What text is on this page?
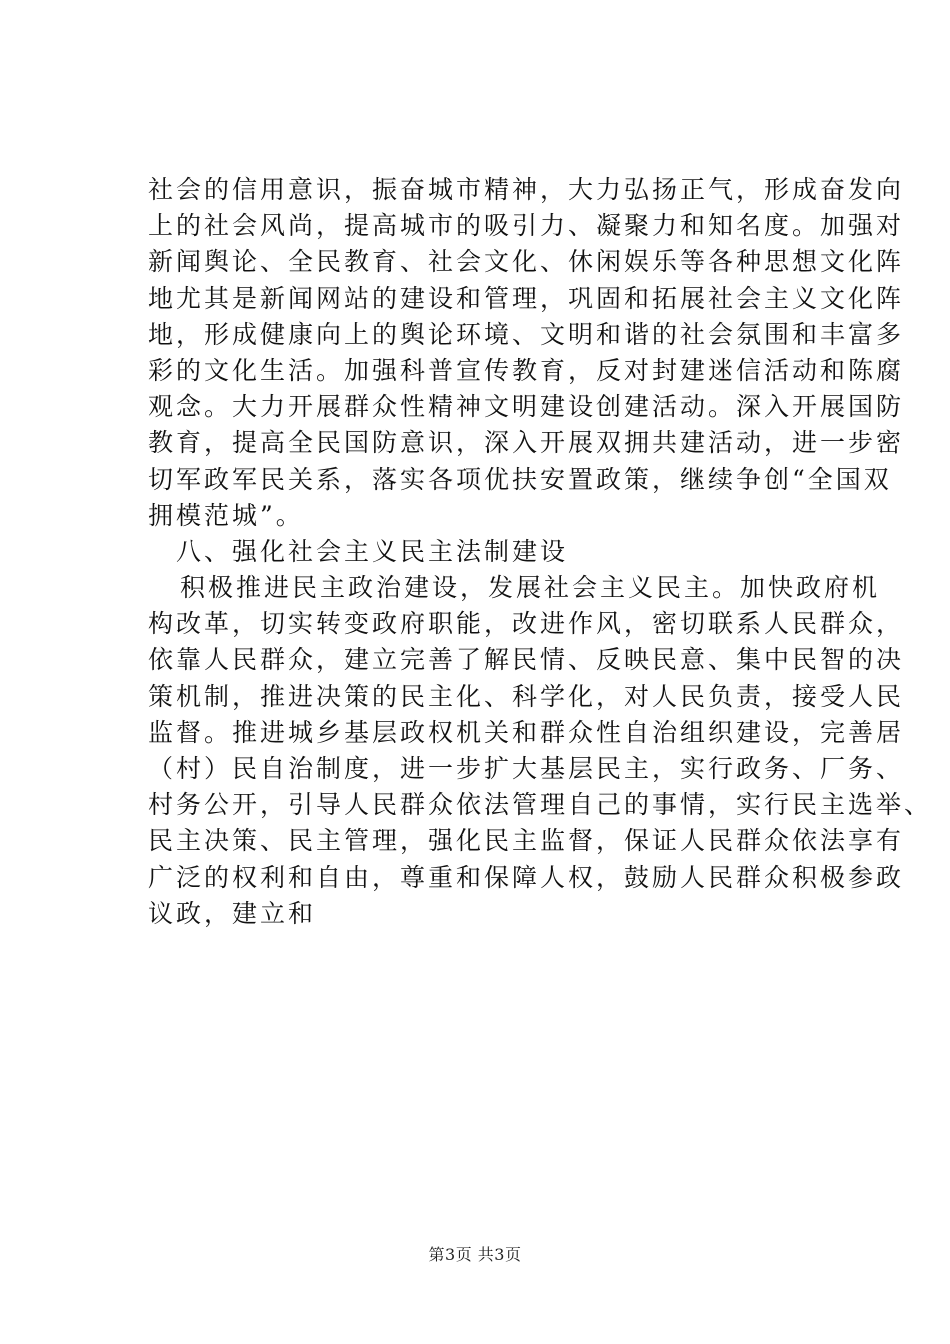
社会的信用意识，振奋城市精神，大力弘扬正气，形成奋发向
上的社会风尚，提高城市的吸引力、凝聚力和知名度。加强对
新闻舆论、全民教育、社会文化、休闲娱乐等各种思想文化阵
地尤其是新闻网站的建设和管理，巩固和拓展社会主义文化阵
地，形成健康向上的舆论环境、文明和谐的社会氛围和丰富多
彩的文化生活。加强科普宣传教育，反对封建迷信活动和陈腐
观念。大力开展群众性精神文明建设创建活动。深入开展国防
教育，提高全民国防意识，深入开展双拥共建活动，进一步密
切军政军民关系，落实各项优扶安置政策，继续争创“全国双
拥模范城”。
八、强化社会主义民主法制建设
积极推进民主政治建设，发展社会主义民主。加快政府机
构改革，切实转变政府职能，改进作风，密切联系人民群众，
依靠人民群众，建立完善了解民情、反映民意、集中民智的决
策机制，推进决策的民主化、科学化，对人民负责，接受人民
监督。推进城乡基层政权机关和群众性自治组织建设，完善居
（村）民自治制度，进一步扩大基层民主，实行政务、厂务、
村务公开，引导人民群众依法管理自己的事情，实行民主选举、
民主决策、民主管理，强化民主监督，保证人民群众依法享有
广泛的权利和自由，尊重和保障人权，鼓励人民群众积极参政
议政，建立和
第3页 共3页
